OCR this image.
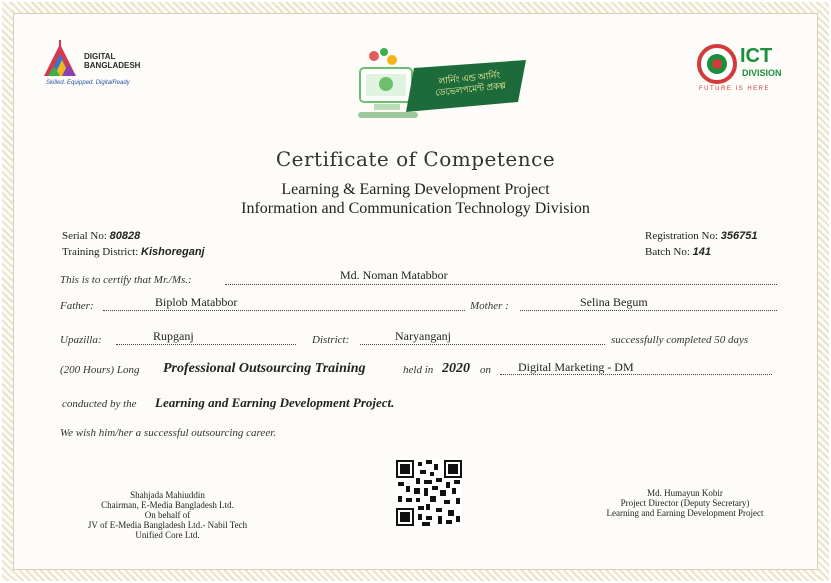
DIGITAL
BANGLADESH
Skilled. Equipped. DigitalReady	লার্নিং এন্ড আর্নিং ডেভেলপমেন্ট প্রকল্প
ICT
DIVISION
FUTURE IS HERE
Certificate of Competence
Learning & Earning Development Project
Information and Communication Technology Division
Serial No: 80828
Training District: Kishoreganj
Registration No: 356751
Batch No: 141
This is to certify that Mr./Ms.:	Md. Noman Matabbor
Father:	Biplob Matabbor	Mother :	Selina Begum
Upazilla:	Rupganj	District:	Naryanganj	successfully completed 50 days
(200 Hours) Long Professional Outsourcing Training	held in 2020 on Digital Marketing - DM
conducted by the Learning and Earning Development Project.
We wish him/her a successful outsourcing career.
Shahjada Mahiuddin
Chairman, E-Media Bangladesh Ltd.
On behalf of
JV of E-Media Bangladesh Ltd.- Nabil Tech
Unified Core Ltd.
Md. Humayun Kobir
Project Director (Deputy Secretary)
Learning and Earning Development Project
